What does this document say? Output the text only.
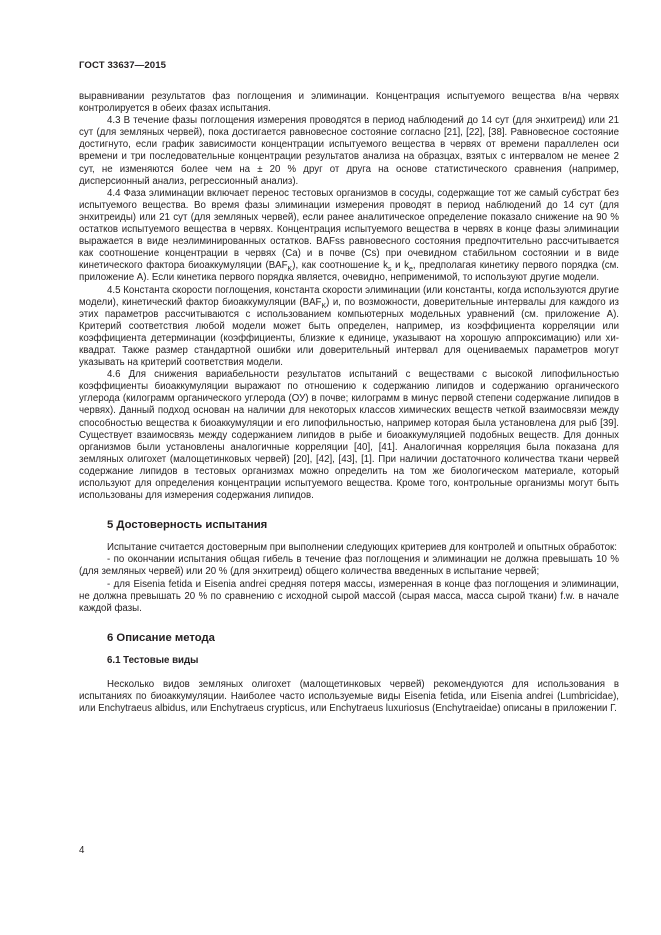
ГОСТ 33637—2015

выравнивании результатов фаз поглощения и элиминации. Концентрация испытуемого вещества в/на червях контролируется в обеих фазах испытания.

4.3 В течение фазы поглощения измерения проводятся в период наблюдений до 14 сут (для энхитреид) или 21 сут (для земляных червей), пока достигается равновесное состояние согласно [21], [22], [38]. Равновесное состояние достигнуто, если график зависимости концентрации испытуемого вещества в червях от времени параллелен оси времени и три последовательные концентрации результатов анализа на образцах, взятых с интервалом не менее 2 сут, не изменяются более чем на ± 20 % друг от друга на основе статистического сравнения (например, дисперсионный анализ, регрессионный анализ).

4.4 Фаза элиминации включает перенос тестовых организмов в сосуды, содержащие тот же самый субстрат без испытуемого вещества. Во время фазы элиминации измерения проводят в период наблюдений до 14 сут (для энхитреиды) или 21 сут (для земляных червей), если ранее аналитическое определение показало снижение на 90 % остатков испытуемого вещества в червях. Концентрация испытуемого вещества в червях в конце фазы элиминации выражается в виде неэлиминированных остатков. BAFss равновесного состояния предпочтительно рассчитывается как соотношение концентрации в червях (Ca) и в почве (Cs) при очевидном стабильном состоянии и в виде кинетического фактора биоаккумуляции $(BAF_K)$, как соотношение $k_s$ и $k_e$, предполагая кинетику первого порядка (см. приложение А). Если кинетика первого порядка является, очевидно, неприменимой, то используют другие модели.

4.5 Константа скорости поглощения, константа скорости элиминации (или константы, когда используются другие модели), кинетический фактор биоаккумуляции $(BAF_K)$ и, по возможности, доверительные интервалы для каждого из этих параметров рассчитываются с использованием компьютерных модельных уравнений (см. приложение А). Критерий соответствия любой модели может быть определен, например, из коэффициента корреляции или коэффициента детерминации (коэффициенты, близкие к единице, указывают на хорошую аппроксимацию) или хи-квадрат. Также размер стандартной ошибки или доверительный интервал для оцениваемых параметров могут указывать на критерий соответствия модели.

4.6 Для снижения вариабельности результатов испытаний с веществами с высокой липофильностью коэффициенты биоаккумуляции выражают по отношению к содержанию липидов и содержанию органического углерода (килограмм органического углерода (ОУ) в почве; килограмм в минус первой степени содержание липидов в червях). Данный подход основан на наличии для некоторых классов химических веществ четкой взаимосвязи между способностью вещества к биоаккумуляции и его липофильностью, например которая была установлена для рыб [39]. Существует взаимосвязь между содержанием липидов в рыбе и биоаккумуляцией подобных веществ. Для донных организмов были установлены аналогичные корреляции [40], [41]. Аналогичная корреляция была показана для земляных олигохет (малощетинковых червей) [20], [42], [43], [1]. При наличии достаточного количества ткани червей содержание липидов в тестовых организмах можно определить на том же биологическом материале, который используют для определения концентрации испытуемого вещества. Кроме того, контрольные организмы могут быть использованы для измерения содержания липидов.

5 Достоверность испытания

Испытание считается достоверным при выполнении следующих критериев для контролей и опытных обработок:

- по окончании испытания общая гибель в течение фаз поглощения и элиминации не должна превышать 10 % (для земляных червей) или 20 % (для энхитреид) общего количества введенных в испытание червей;

- для Eisenia fetida и Eisenia andrei средняя потеря массы, измеренная в конце фаз поглощения и элиминации, не должна превышать 20 % по сравнению с исходной сырой массой (сырая масса, масса сырой ткани) f.w. в начале каждой фазы.

6 Описание метода
6.1 Тестовые виды

Несколько видов земляных олигохет (малощетинковых червей) рекомендуются для использования в испытаниях по биоаккумуляции. Наиболее часто используемые виды Eisenia fetida, или Eisenia andrei (Lumbricidae), или Enchytraeus albidus, или Enchytraeus crypticus, или Enchytraeus luxuriosus (Enchytraeidae) описаны в приложении Г.

4
